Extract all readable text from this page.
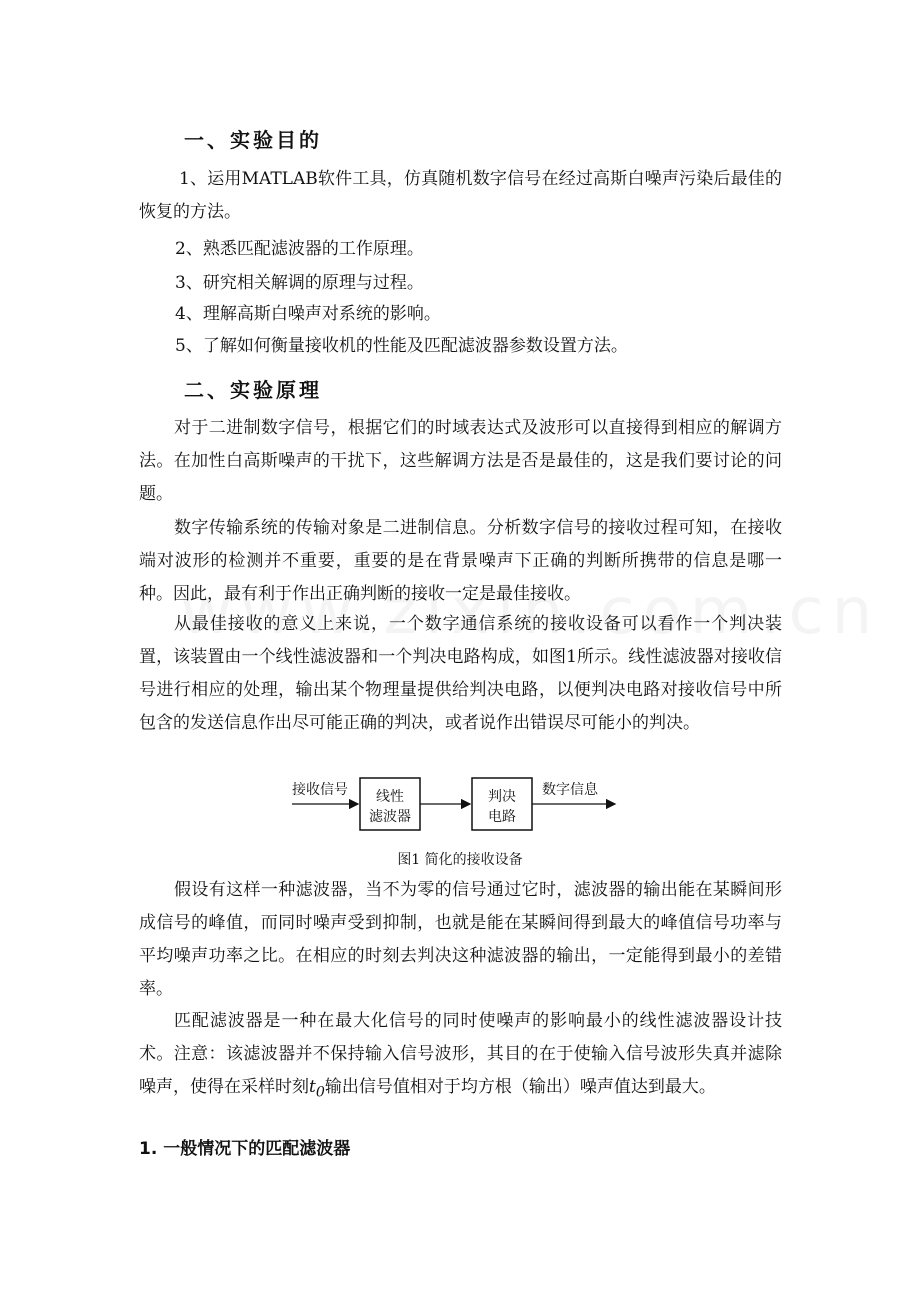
一、实验目的

1、运用MATLAB软件工具，仿真随机数字信号在经过高斯白噪声污染后最佳的恢复的方法。

2、熟悉匹配滤波器的工作原理。

3、研究相关解调的原理与过程。

4、理解高斯白噪声对系统的影响。

5、了解如何衡量接收机的性能及匹配滤波器参数设置方法。

二、实验原理

对于二进制数字信号，根据它们的时域表达式及波形可以直接得到相应的解调方法。在加性白高斯噪声的干扰下，这些解调方法是否是最佳的，这是我们要讨论的问题。

数字传输系统的传输对象是二进制信息。分析数字信号的接收过程可知，在接收端对波形的检测并不重要，重要的是在背景噪声下正确的判断所携带的信息是哪一种。因此，最有利于作出正确判断的接收一定是最佳接收。

从最佳接收的意义上来说，一个数字通信系统的接收设备可以看作一个判决装置，该装置由一个线性滤波器和一个判决电路构成，如图1所示。线性滤波器对接收信号进行相应的处理，输出某个物理量提供给判决电路，以便判决电路对接收信号中所包含的发送信息作出尽可能正确的判决，或者说作出错误尽可能小的判决。

接收信号 线性
滤波器
判决
电路
数字信息

图1 简化的接收设备

假设有这样一种滤波器，当不为零的信号通过它时，滤波器的输出能在某瞬间形成信号的峰值，而同时噪声受到抑制，也就是能在某瞬间得到最大的峰值信号功率与平均噪声功率之比。在相应的时刻去判决这种滤波器的输出，一定能得到最小的差错率。

匹配滤波器是一种在最大化信号的同时使噪声的影响最小的线性滤波器设计技术。注意：该滤波器并不保持输入信号波形，其目的在于使输入信号波形失真并滤除噪声，使得在采样时刻$t_0$输出信号值相对于均方根（输出）噪声值达到最大。

1. 一般情况下的匹配滤波器
